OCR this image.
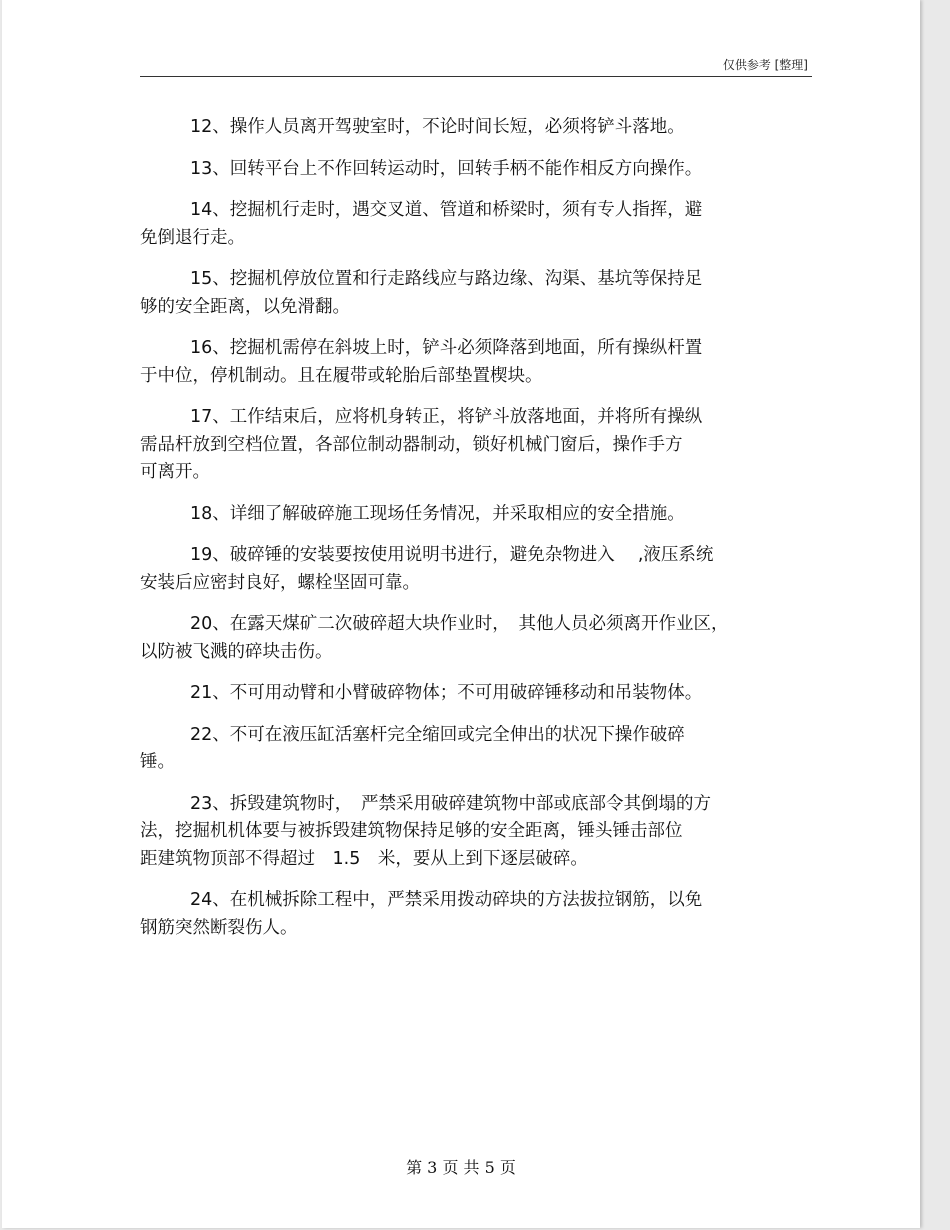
仅供参考 [整理]
12、操作人员离开驾驶室时，不论时间长短，必须将铲斗落地。
13、回转平台上不作回转运动时，回转手柄不能作相反方向操作。
14、挖掘机行走时，遇交叉道、管道和桥梁时，须有专人指挥，避
免倒退行走。
15、挖掘机停放位置和行走路线应与路边缘、沟渠、基坑等保持足
够的安全距离，以免滑翻。
16、挖掘机需停在斜坡上时，铲斗必须降落到地面，所有操纵杆置
于中位，停机制动。且在履带或轮胎后部垫置楔块。
17、工作结束后，应将机身转正，将铲斗放落地面，并将所有操纵
需品杆放到空档位置，各部位制动器制动，锁好机械门窗后，操作手方
可离开。
18、详细了解破碎施工现场任务情况，并采取相应的安全措施。
19、破碎锤的安装要按使用说明书进行，避免杂物进入　 ,液压系统
安装后应密封良好，螺栓坚固可靠。
20、在露天煤矿二次破碎超大块作业时，　其他人员必须离开作业区，
以防被飞溅的碎块击伤。
21、不可用动臂和小臂破碎物体；不可用破碎锤移动和吊装物体。
22、不可在液压缸活塞杆完全缩回或完全伸出的状况下操作破碎
锤。
23、拆毁建筑物时，　严禁采用破碎建筑物中部或底部令其倒塌的方
法，挖掘机机体要与被拆毁建筑物保持足够的安全距离，锤头锤击部位
距建筑物顶部不得超过　1.5　米，要从上到下逐层破碎。
24、在机械拆除工程中，严禁采用拨动碎块的方法拔拉钢筋，以免
钢筋突然断裂伤人。
第 3 页 共 5 页
